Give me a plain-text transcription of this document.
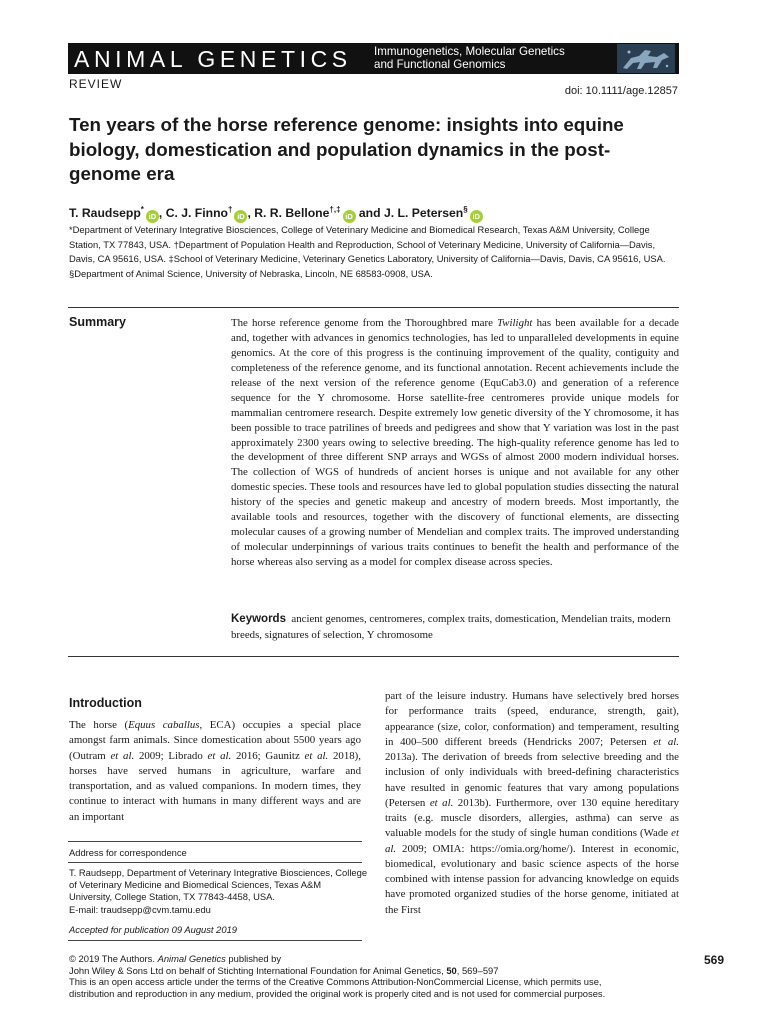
ANIMAL GENETICS Immunogenetics, Molecular Genetics
and Functional Genomics
REVIEW	doi: 10.1111/age.12857
Ten years of the horse reference genome: insights into equine biology, domestication and population dynamics in the post-genome era
T. Raudsepp*iD , C. J. Finno†iD , R. R. Bellone†,‡iD and J. L. Petersen§iD

*Department of Veterinary Integrative Biosciences, College of Veterinary Medicine and Biomedical Research, Texas A&M University, College Station, TX 77843, USA. †Department of Population Health and Reproduction, School of Veterinary Medicine, University of California—Davis, Davis, CA 95616, USA. ‡School of Veterinary Medicine, Veterinary Genetics Laboratory, University of California—Davis, Davis, CA 95616, USA. §Department of Animal Science, University of Nebraska, Lincoln, NE 68583-0908, USA.

Summary	The horse reference genome from the Thoroughbred mare Twilight has been available for a decade and, together with advances in genomics technologies, has led to unparalleled developments in equine genomics. At the core of this progress is the continuing improvement of the quality, contiguity and completeness of the reference genome, and its functional annotation. Recent achievements include the release of the next version of the reference genome (EquCab3.0) and generation of a reference sequence for the Y chromosome. Horse satellite-free centromeres provide unique models for mammalian centromere research. Despite extremely low genetic diversity of the Y chromosome, it has been possible to trace patrilines of breeds and pedigrees and show that Y variation was lost in the past approximately 2300 years owing to selective breeding. The high-quality reference genome has led to the development of three different SNP arrays and WGSs of almost 2000 modern individual horses. The collection of WGS of hundreds of ancient horses is unique and not available for any other domestic species. These tools and resources have led to global population studies dissecting the natural history of the species and genetic makeup and ancestry of modern breeds. Most importantly, the available tools and resources, together with the discovery of functional elements, are dissecting molecular causes of a growing number of Mendelian and complex traits. The improved understanding of molecular underpinnings of various traits continues to benefit the health and performance of the horse whereas also serving as a model for complex disease across species.

Keywords ancient genomes, centromeres, complex traits, domestication, Mendelian traits, modern breeds, signatures of selection, Y chromosome

Introduction

The horse (Equus caballus, ECA) occupies a special place amongst farm animals. Since domestication about 5500 years ago (Outram et al. 2009; Librado et al. 2016; Gaunitz et al. 2018), horses have served humans in agriculture, warfare and transportation, and as valued companions. In modern times, they continue to interact with humans in many different ways and are an important

part of the leisure industry. Humans have selectively bred horses for performance traits (speed, endurance, strength, gait), appearance (size, color, conformation) and temperament, resulting in 400–500 different breeds (Hendricks 2007; Petersen et al. 2013a). The derivation of breeds from selective breeding and the inclusion of only individuals with breed-defining characteristics have resulted in genomic features that vary among populations (Petersen et al. 2013b). Furthermore, over 130 equine hereditary traits (e.g. muscle disorders, allergies, asthma) can serve as valuable models for the study of single human conditions (Wade et al. 2009; OMIA: https://omia.org/home/). Interest in economic, biomedical, evolutionary and basic science aspects of the horse combined with intense passion for advancing knowledge on equids have promoted organized studies of the horse genome, initiated at the First

Address for correspondence
T. Raudsepp, Department of Veterinary Integrative Biosciences, College
of Veterinary Medicine and Biomedical Sciences, Texas A&M
University, College Station, TX 77843-4458, USA.
E-mail: traudsepp@cvm.tamu.edu
Accepted for publication 09 August 2019
© 2019 The Authors. Animal Genetics published by
John Wiley & Sons Ltd on behalf of Stichting International Foundation for Animal Genetics, 50, 569–597
This is an open access article under the terms of the Creative Commons Attribution-NonCommercial License, which permits use,
distribution and reproduction in any medium, provided the original work is properly cited and is not used for commercial purposes.
569
